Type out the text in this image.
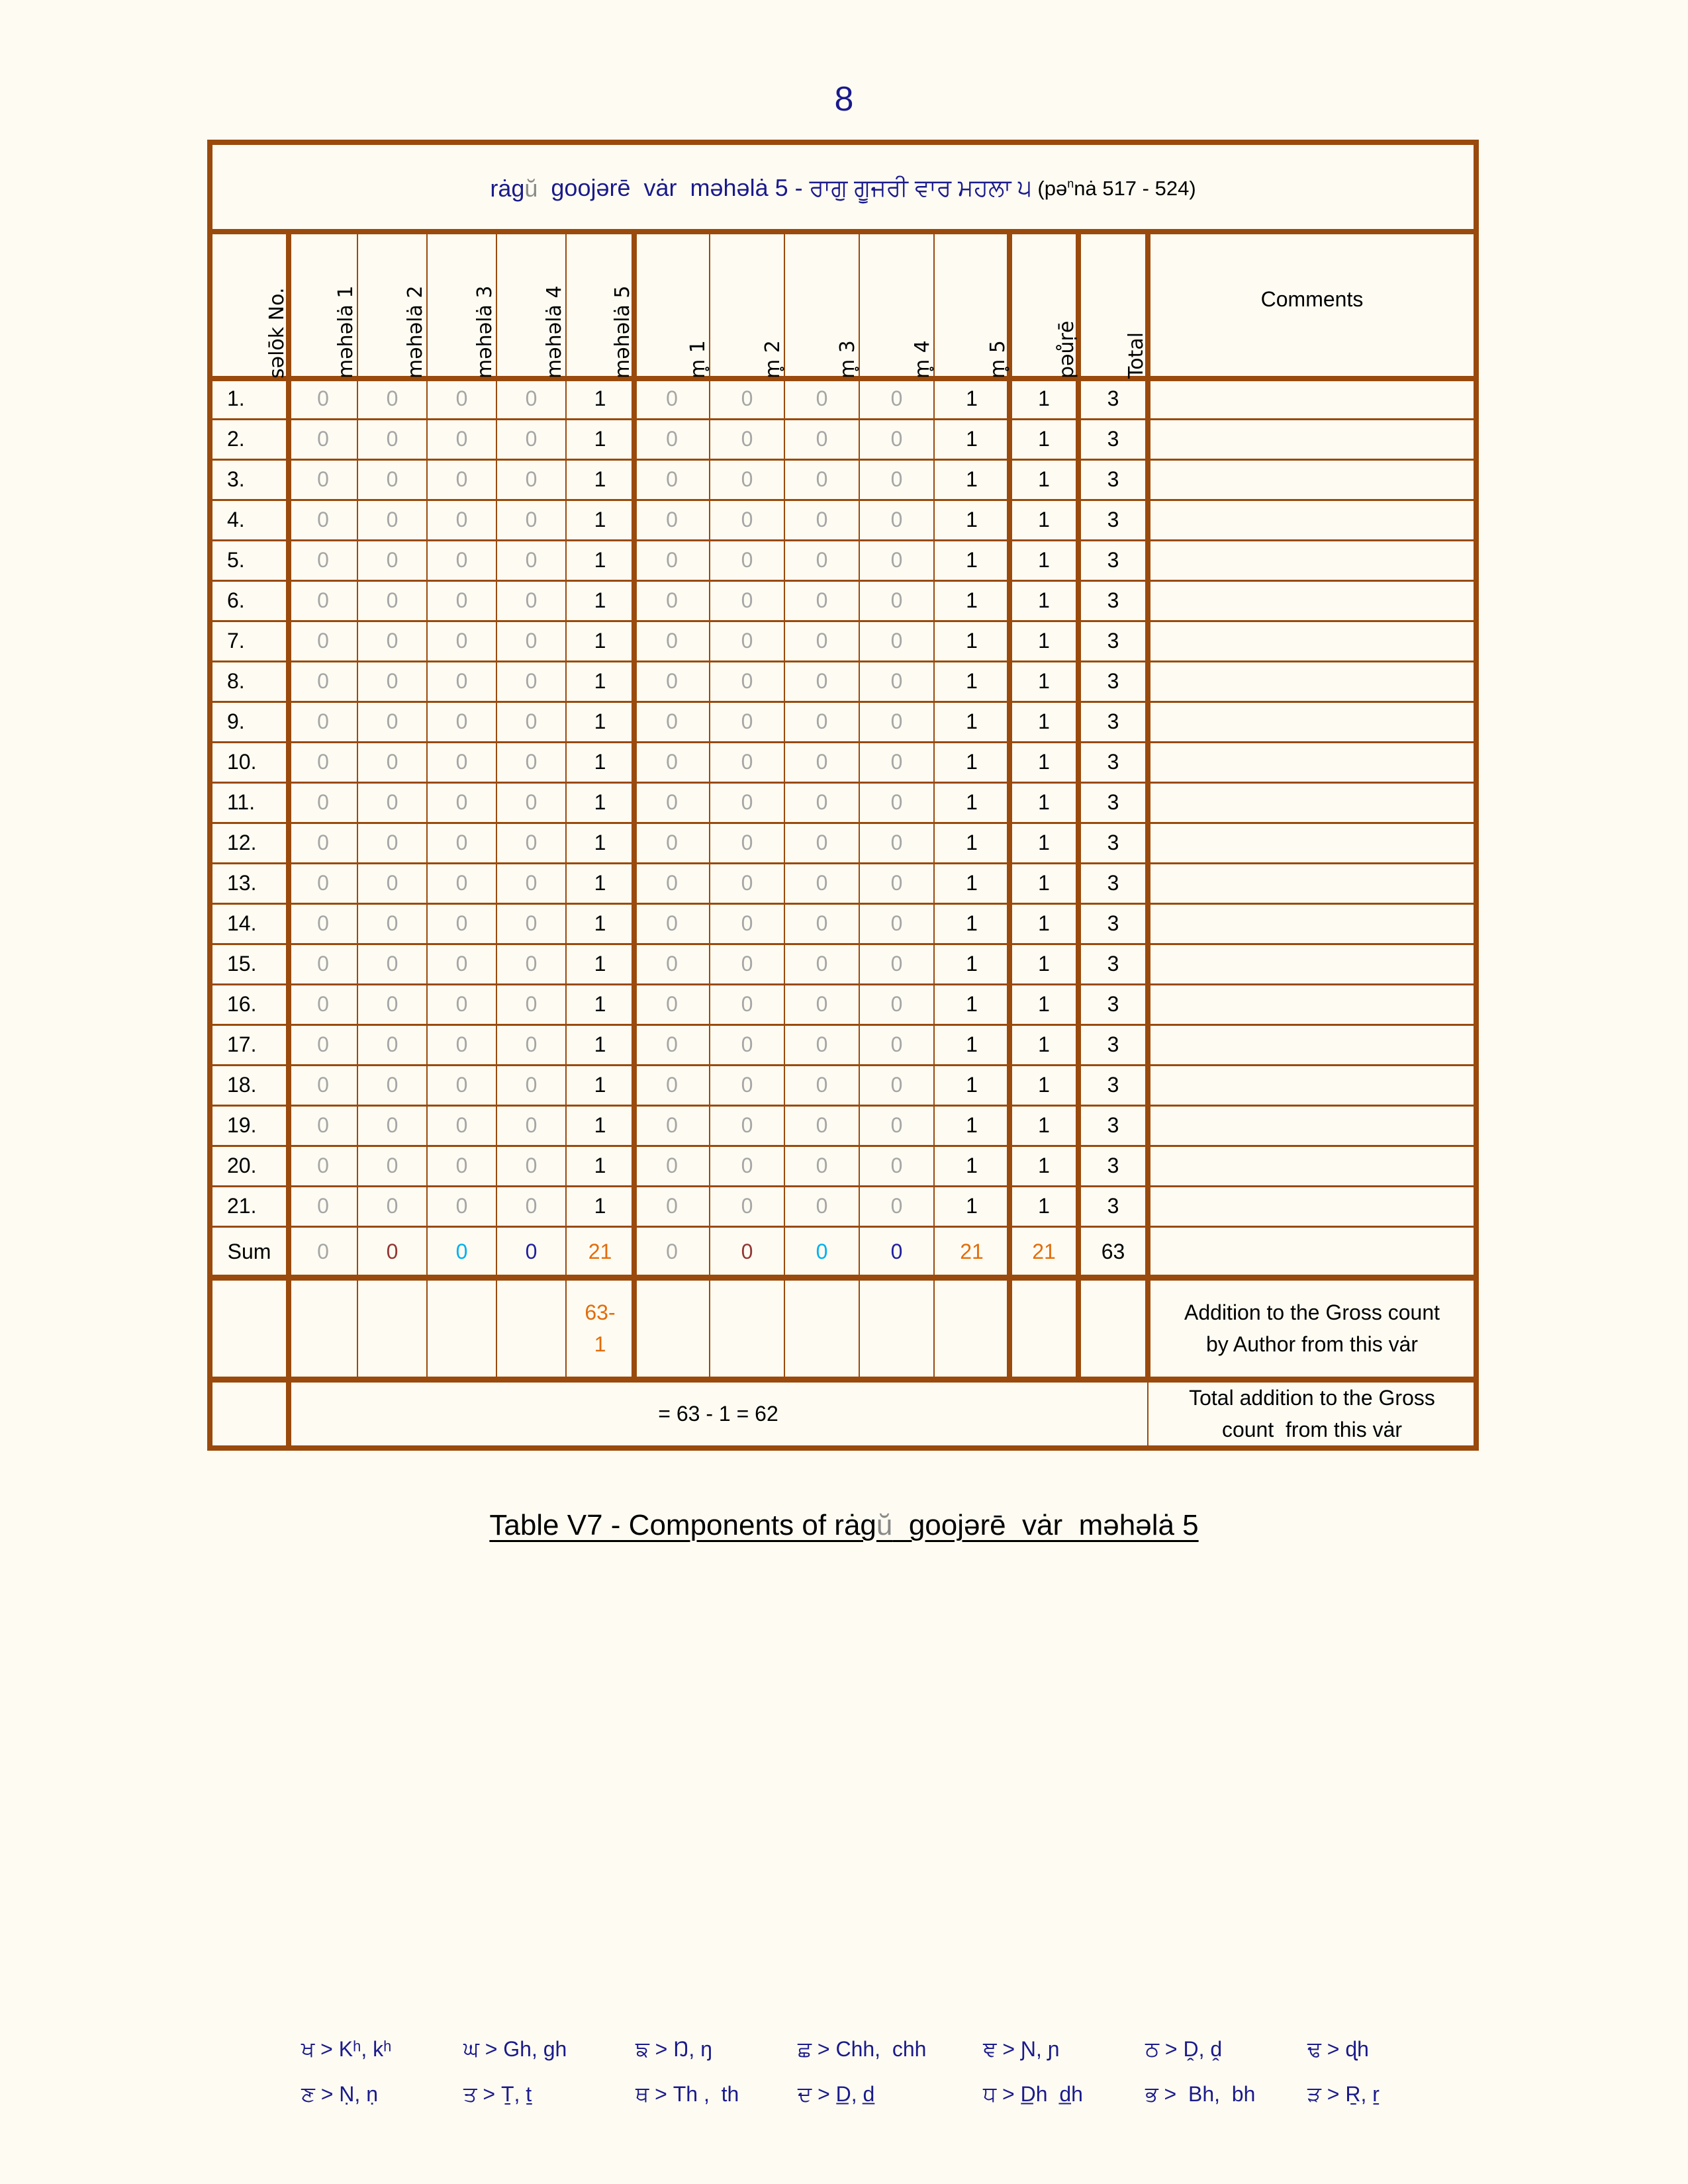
8
rȧg ŭ goojərē  vȧr  məhəlȧ 5 - ਰਾਗੁ ਗੂਜਰੀ ਵਾਰ ਮਹਲਾ ੫ (pə$^n$nȧ 517 - 524)
səlōk No.	məhəlȧ 1	məhəlȧ 2	məhəlȧ 3	məhəlȧ 4	məhəlȧ 5	m̥ 1	m̥ 2	m̥ 3	m̥ 4	m̥ 5	pəůṛē	Total
Comments
1.	0	0	0	0	1	0	0	0	0	1	1	3
2.	0	0	0	0	1	0	0	0	0	1	1	3
3.	0	0	0	0	1	0	0	0	0	1	1	3
4.	0	0	0	0	1	0	0	0	0	1	1	3
5.	0	0	0	0	1	0	0	0	0	1	1	3
6.	0	0	0	0	1	0	0	0	0	1	1	3
7.	0	0	0	0	1	0	0	0	0	1	1	3
8.	0	0	0	0	1	0	0	0	0	1	1	3
9.	0	0	0	0	1	0	0	0	0	1	1	3
10.	0	0	0	0	1	0	0	0	0	1	1	3
11.	0	0	0	0	1	0	0	0	0	1	1	3
12.	0	0	0	0	1	0	0	0	0	1	1	3
13.	0	0	0	0	1	0	0	0	0	1	1	3
14.	0	0	0	0	1	0	0	0	0	1	1	3
15.	0	0	0	0	1	0	0	0	0	1	1	3
16.	0	0	0	0	1	0	0	0	0	1	1	3
17.	0	0	0	0	1	0	0	0	0	1	1	3
18.	0	0	0	0	1	0	0	0	0	1	1	3
19.	0	0	0	0	1	0	0	0	0	1	1	3
20.	0	0	0	0	1	0	0	0	0	1	1	3
21.	0	0	0	0	1	0	0	0	0	1	1	3
Sum	0	0	0	0	21	0	0	0	0	21	21	63
63-
1
Addition to the Gross count
by Author from this vȧr
= 63 - 1 = 62
Total addition to the Gross
count  from this vȧr
Table V7 - Components of rȧgŭ  goojərē  vȧr  məhəlȧ 5
ਖ > Kʰ, kʰ	ਘ > Gh, gh	ਙ > Ŋ, ŋ	ਛ > Chh,  chh	ਞ > Ɲ, ɲ	ਠ > Ḓ, ḓ	ਢ > ɖh
ਣ > Ṇ, ṇ	ਤ > Ṯ, ṯ	ਥ > Th ,  th	ਦ > D̲, d̲	ਧ > D̲h  d̲h	ਭ >  Bh,  bh ੜ > Ṟ, ṟ
